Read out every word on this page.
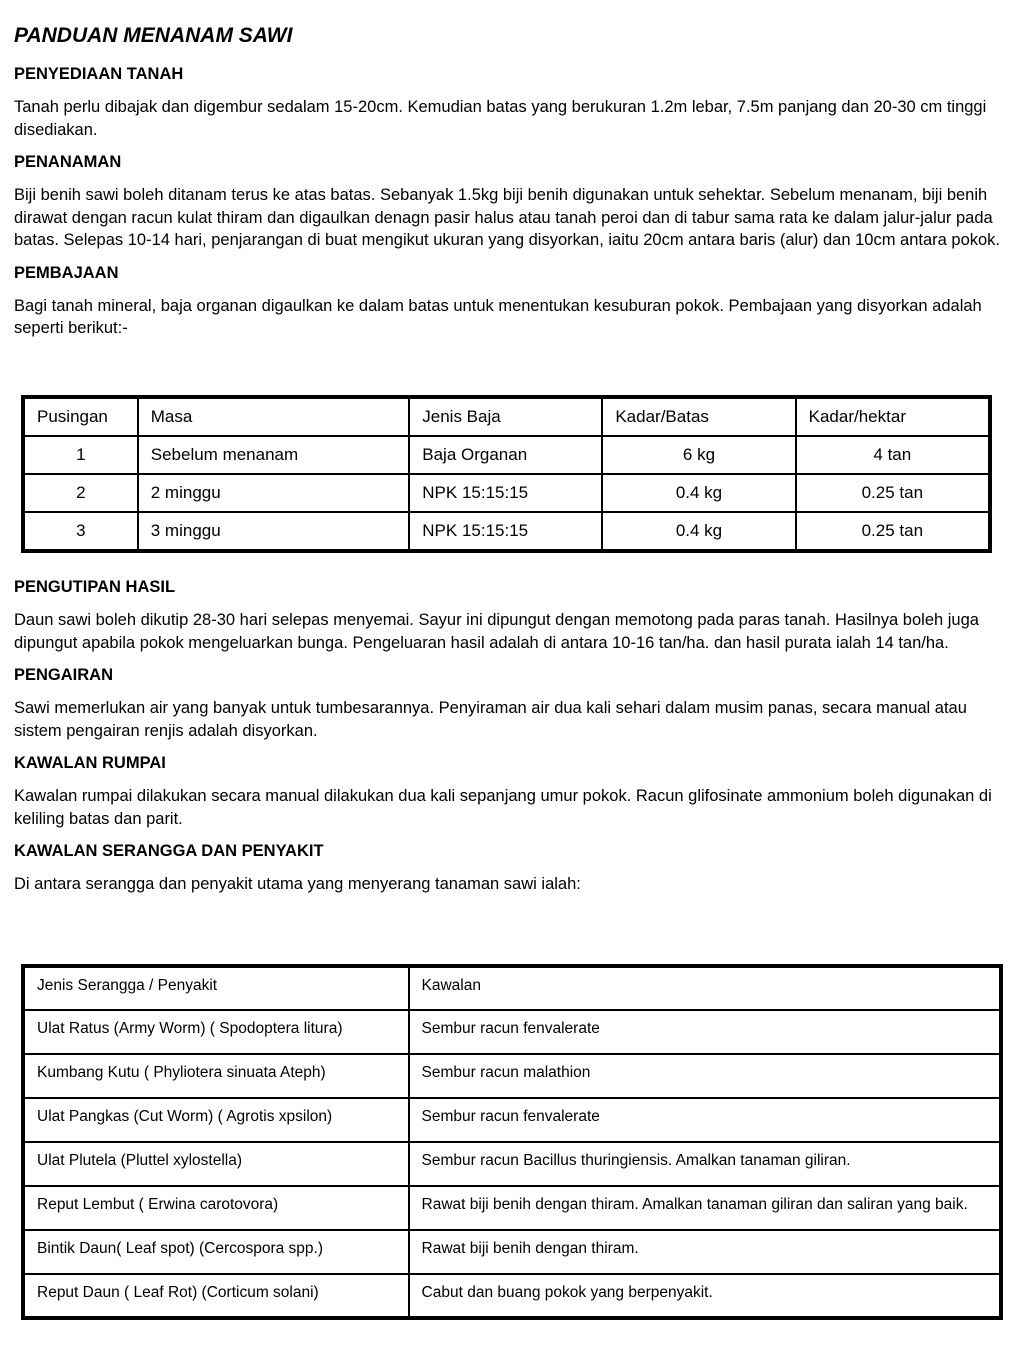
PANDUAN MENANAM SAWI
PENYEDIAAN TANAH

Tanah perlu dibajak dan digembur sedalam 15-20cm. Kemudian batas yang berukuran 1.2m lebar, 7.5m panjang dan 20-30 cm tinggi disediakan.

PENANAMAN

Biji benih sawi boleh ditanam terus ke atas batas. Sebanyak 1.5kg biji benih digunakan untuk sehektar. Sebelum menanam, biji benih dirawat dengan racun kulat thiram dan digaulkan denagn pasir halus atau tanah peroi dan di tabur sama rata ke dalam jalur-jalur pada batas. Selepas 10-14 hari, penjarangan di buat mengikut ukuran yang disyorkan, iaitu 20cm antara baris (alur) dan 10cm antara pokok.

PEMBAJAAN

Bagi tanah mineral, baja organan digaulkan ke dalam batas untuk menentukan kesuburan pokok. Pembajaan yang disyorkan adalah seperti berikut:-

Pusingan	Masa	Jenis Baja	Kadar/Batas	Kadar/hektar
1	Sebelum menanam	Baja Organan	6 kg	4 tan
2	2 minggu	NPK 15:15:15	0.4 kg	0.25 tan
3	3 minggu	NPK 15:15:15	0.4 kg	0.25 tan
PENGUTIPAN HASIL

Daun sawi boleh dikutip 28-30 hari selepas menyemai. Sayur ini dipungut dengan memotong pada paras tanah. Hasilnya boleh juga dipungut apabila pokok mengeluarkan bunga. Pengeluaran hasil adalah di antara 10-16 tan/ha. dan hasil purata ialah 14 tan/ha.

PENGAIRAN

Sawi memerlukan air yang banyak untuk tumbesarannya. Penyiraman air dua kali sehari dalam musim panas, secara manual atau sistem pengairan renjis adalah disyorkan.

KAWALAN RUMPAI

Kawalan rumpai dilakukan secara manual dilakukan dua kali sepanjang umur pokok. Racun glifosinate ammonium boleh digunakan di keliling batas dan parit.

KAWALAN SERANGGA DAN PENYAKIT

Di antara serangga dan penyakit utama yang menyerang tanaman sawi ialah:

Jenis Serangga / Penyakit	Kawalan
Ulat Ratus (Army Worm) ( Spodoptera litura)	Sembur racun fenvalerate
Kumbang Kutu ( Phyliotera sinuata Ateph)	Sembur racun malathion
Ulat Pangkas (Cut Worm) ( Agrotis xpsilon)	Sembur racun fenvalerate
Ulat Plutela (Pluttel xylostella)	Sembur racun Bacillus thuringiensis. Amalkan tanaman giliran.
Reput Lembut ( Erwina carotovora)	Rawat biji benih dengan thiram. Amalkan tanaman giliran dan saliran yang baik.
Bintik Daun( Leaf spot) (Cercospora spp.)	Rawat biji benih dengan thiram.
Reput Daun ( Leaf Rot) (Corticum solani)	Cabut dan buang pokok yang berpenyakit.
